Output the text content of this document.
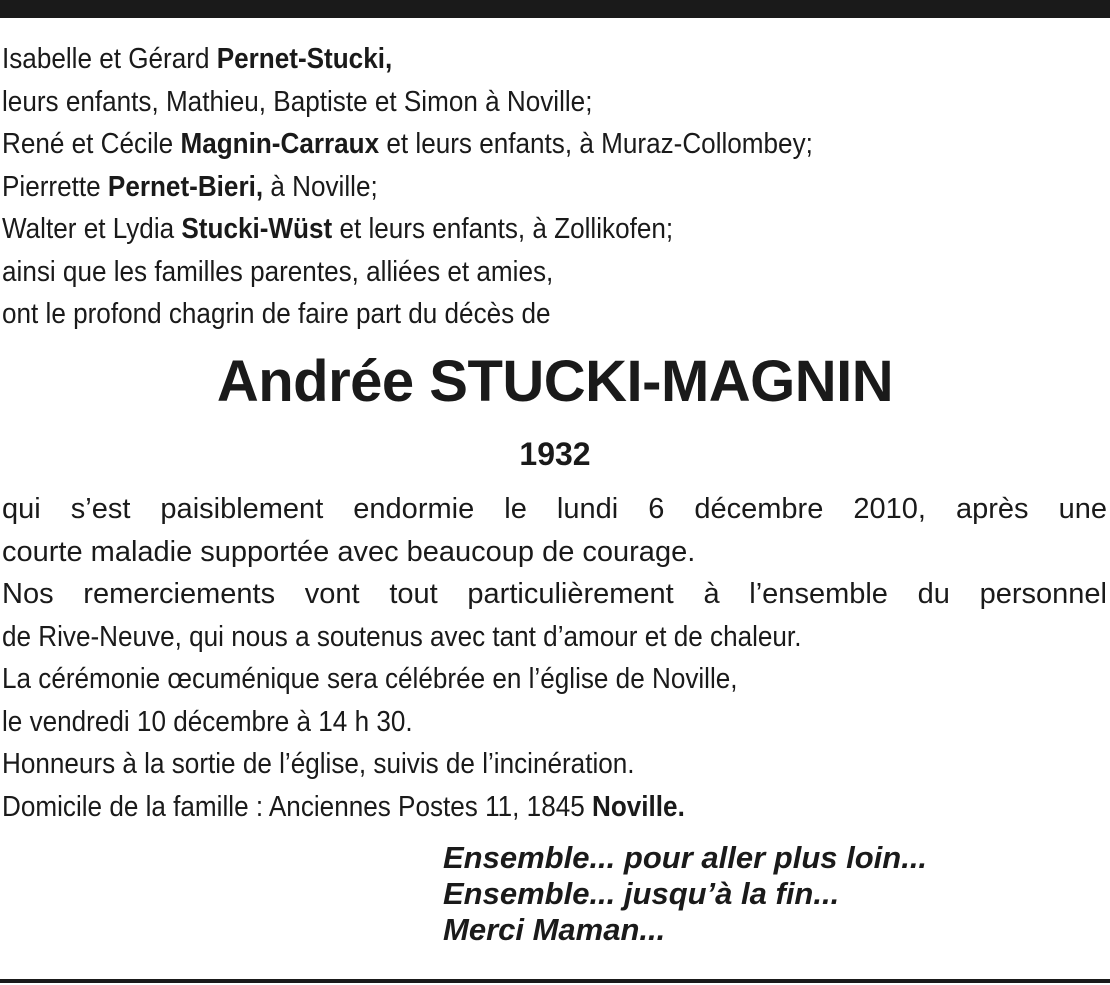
Isabelle et Gérard Pernet-Stucki,
leurs enfants, Mathieu, Baptiste et Simon à Noville;
René et Cécile Magnin-Carraux et leurs enfants, à Muraz-Collombey;
Pierrette Pernet-Bieri, à Noville;
Walter et Lydia Stucki-Wüst et leurs enfants, à Zollikofen;
ainsi que les familles parentes, alliées et amies,
ont le profond chagrin de faire part du décès de
Andrée STUCKI-MAGNIN
1932
qui s’est paisiblement endormie le lundi 6 décembre 2010, après une
courte maladie supportée avec beaucoup de courage.
Nos remerciements vont tout particulièrement à l’ensemble du personnel
de Rive-Neuve, qui nous a soutenus avec tant d’amour et de chaleur.
La cérémonie œcuménique sera célébrée en l’église de Noville,
le vendredi 10 décembre à 14 h 30.
Honneurs à la sortie de l’église, suivis de l’incinération.
Domicile de la famille : Anciennes Postes 11, 1845 Noville.
Ensemble... pour aller plus loin...
Ensemble... jusqu’à la fin...
Merci Maman...
